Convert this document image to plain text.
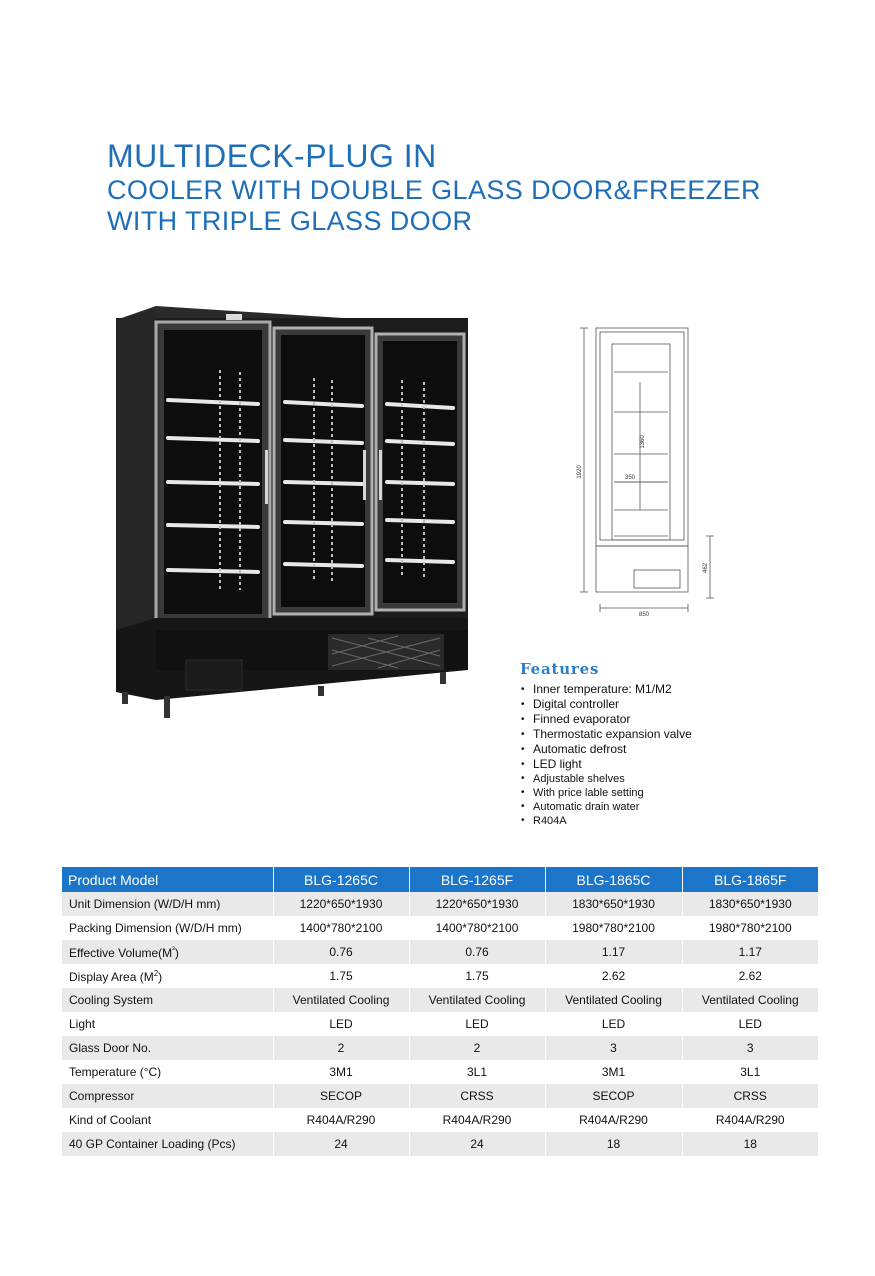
MULTIDECK-PLUG IN
COOLER WITH DOUBLE GLASS DOOR&FREEZER
WITH TRIPLE GLASS DOOR
1920
1360
350
462
850
Features
• Inner temperature: M1/M2
• Digital controller
• Finned evaporator
• Thermostatic expansion valve
• Automatic defrost
• LED light
• Adjustable shelves
• With price lable setting
• Automatic drain water
• R404A
Product Model	BLG-1265C	BLG-1265F	BLG-1865C	BLG-1865F
Unit Dimension (W/D/H mm)	1220*650*1930	1220*650*1930	1830*650*1930	1830*650*1930
Packing Dimension (W/D/H mm)	1400*780*2100	1400*780*2100	1980*780*2100	1980*780*2100
Effective $Volume(M^{^3})$	0.76	0.76	1.17	1.17
Display Area $(M^2)$	1.75	1.75	2.62	2.62
Cooling System	Ventilated Cooling	Ventilated Cooling	Ventilated Cooling	Ventilated Cooling
Light	LED	LED	LED	LED
Glass Door No.	2	2	3	3
Temperature (°C)	3M1	3L1	3M1	3L1
Compressor	SECOP	CRSS	SECOP	CRSS
Kind of Coolant	R404A/R290	R404A/R290	R404A/R290	R404A/R290
40 GP Container Loading (Pcs)	24	24	18	18
